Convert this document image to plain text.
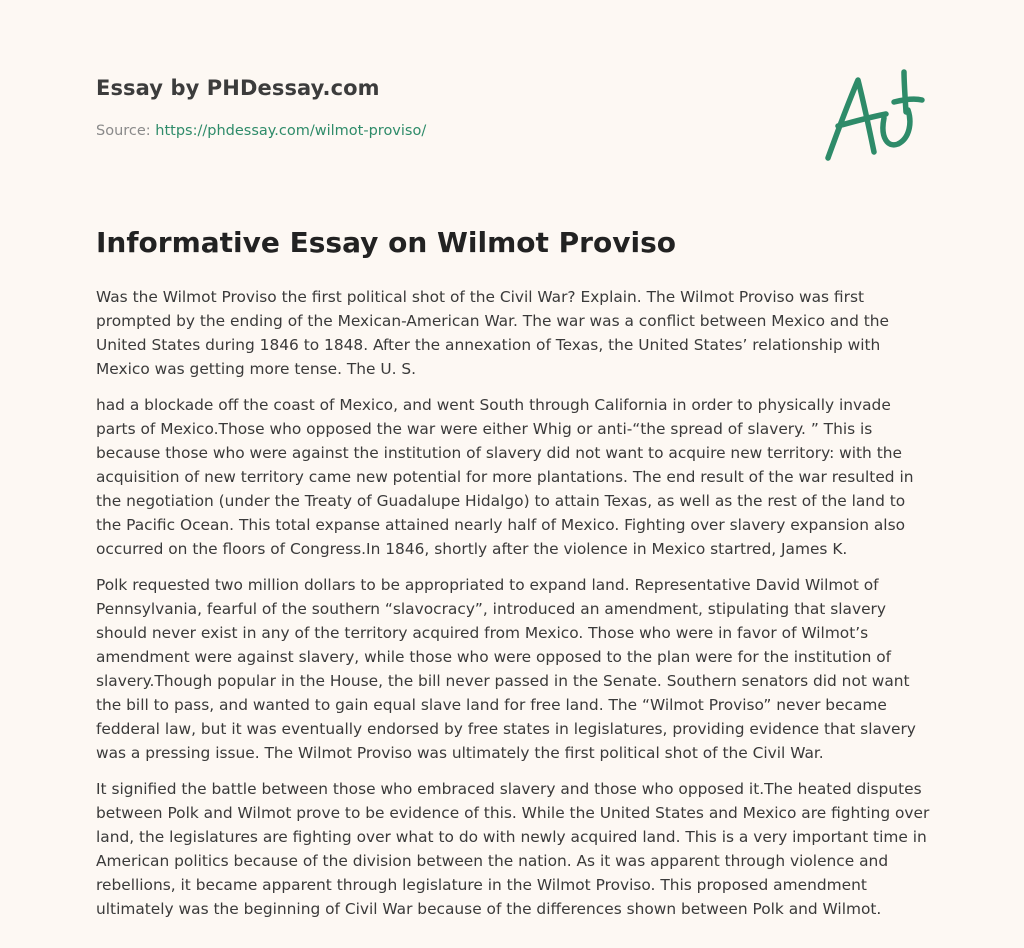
Essay by PHDessay.com
Source: https://phdessay.com/wilmot-proviso/
Informative Essay on Wilmot Proviso

Was the Wilmot Proviso the first political shot of the Civil War? Explain. The Wilmot Proviso was first prompted by the ending of the Mexican-American War. The war was a conflict between Mexico and the United States during 1846 to 1848. After the annexation of Texas, the United States’ relationship with Mexico was getting more tense. The U. S.

had a blockade off the coast of Mexico, and went South through California in order to physically invade parts of Mexico.Those who opposed the war were either Whig or anti-“the spread of slavery. ” This is because those who were against the institution of slavery did not want to acquire new territory: with the acquisition of new territory came new potential for more plantations. The end result of the war resulted in the negotiation (under the Treaty of Guadalupe Hidalgo) to attain Texas, as well as the rest of the land to the Pacific Ocean. This total expanse attained nearly half of Mexico. Fighting over slavery expansion also occurred on the floors of Congress.In 1846, shortly after the violence in Mexico startred, James K.

Polk requested two million dollars to be appropriated to expand land. Representative David Wilmot of Pennsylvania, fearful of the southern “slavocracy”, introduced an amendment, stipulating that slavery should never exist in any of the territory acquired from Mexico. Those who were in favor of Wilmot’s amendment were against slavery, while those who were opposed to the plan were for the institution of slavery.Though popular in the House, the bill never passed in the Senate. Southern senators did not want the bill to pass, and wanted to gain equal slave land for free land. The “Wilmot Proviso” never became fedderal law, but it was eventually endorsed by free states in legislatures, providing evidence that slavery was a pressing issue. The Wilmot Proviso was ultimately the first political shot of the Civil War.

It signified the battle between those who embraced slavery and those who opposed it.The heated disputes between Polk and Wilmot prove to be evidence of this. While the United States and Mexico are fighting over land, the legislatures are fighting over what to do with newly acquired land. This is a very important time in American politics because of the division between the nation. As it was apparent through violence and rebellions, it became apparent through legislature in the Wilmot Proviso. This proposed amendment ultimately was the beginning of Civil War because of the differences shown between Polk and Wilmot.
